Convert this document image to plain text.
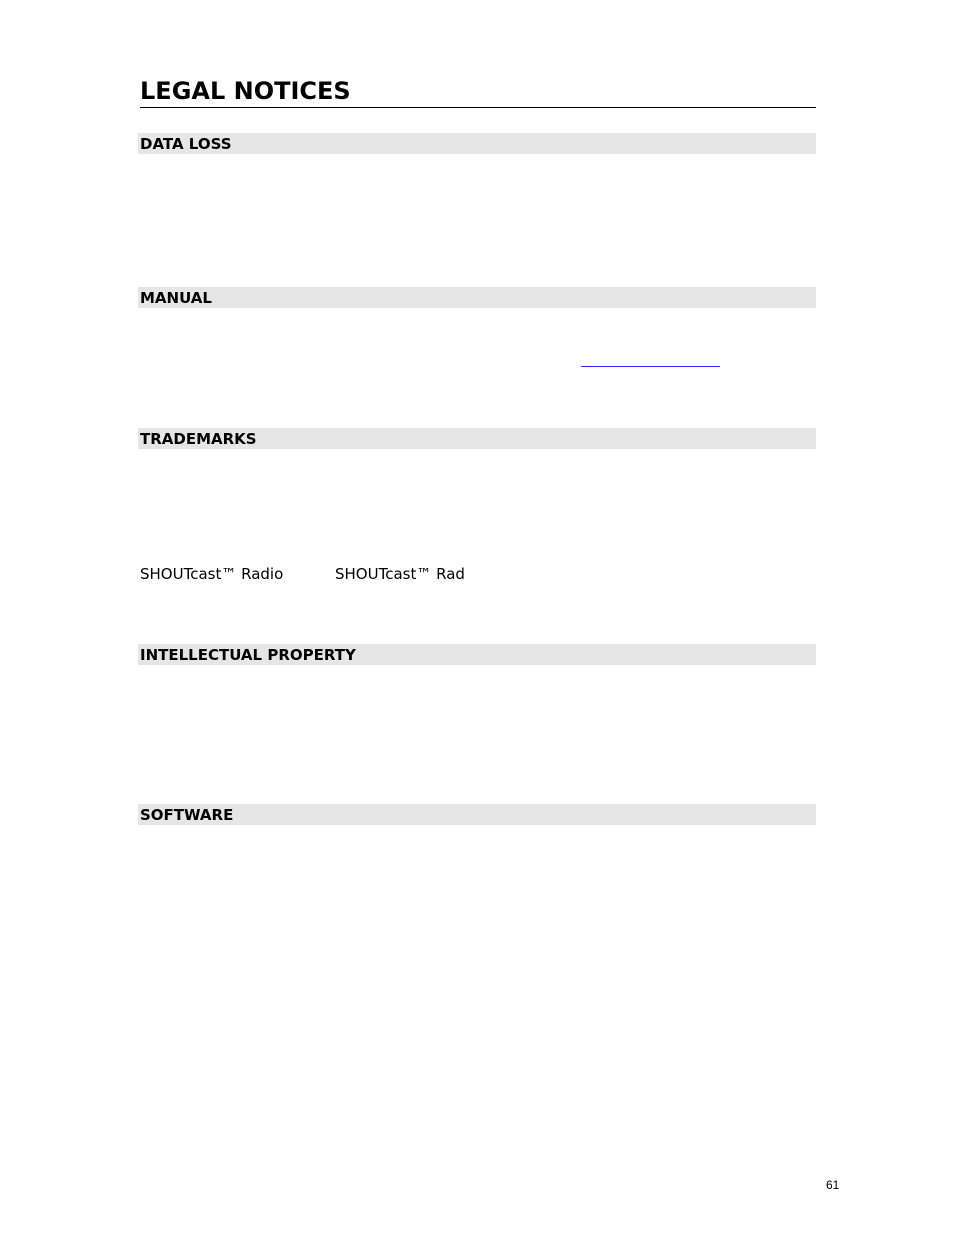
LEGAL NOTICES
DATA LOSS
MANUAL
TRADEMARKS
SHOUTcast™ Radio	SHOUTcast™ Rad
INTELLECTUAL PROPERTY
SOFTWARE
61
